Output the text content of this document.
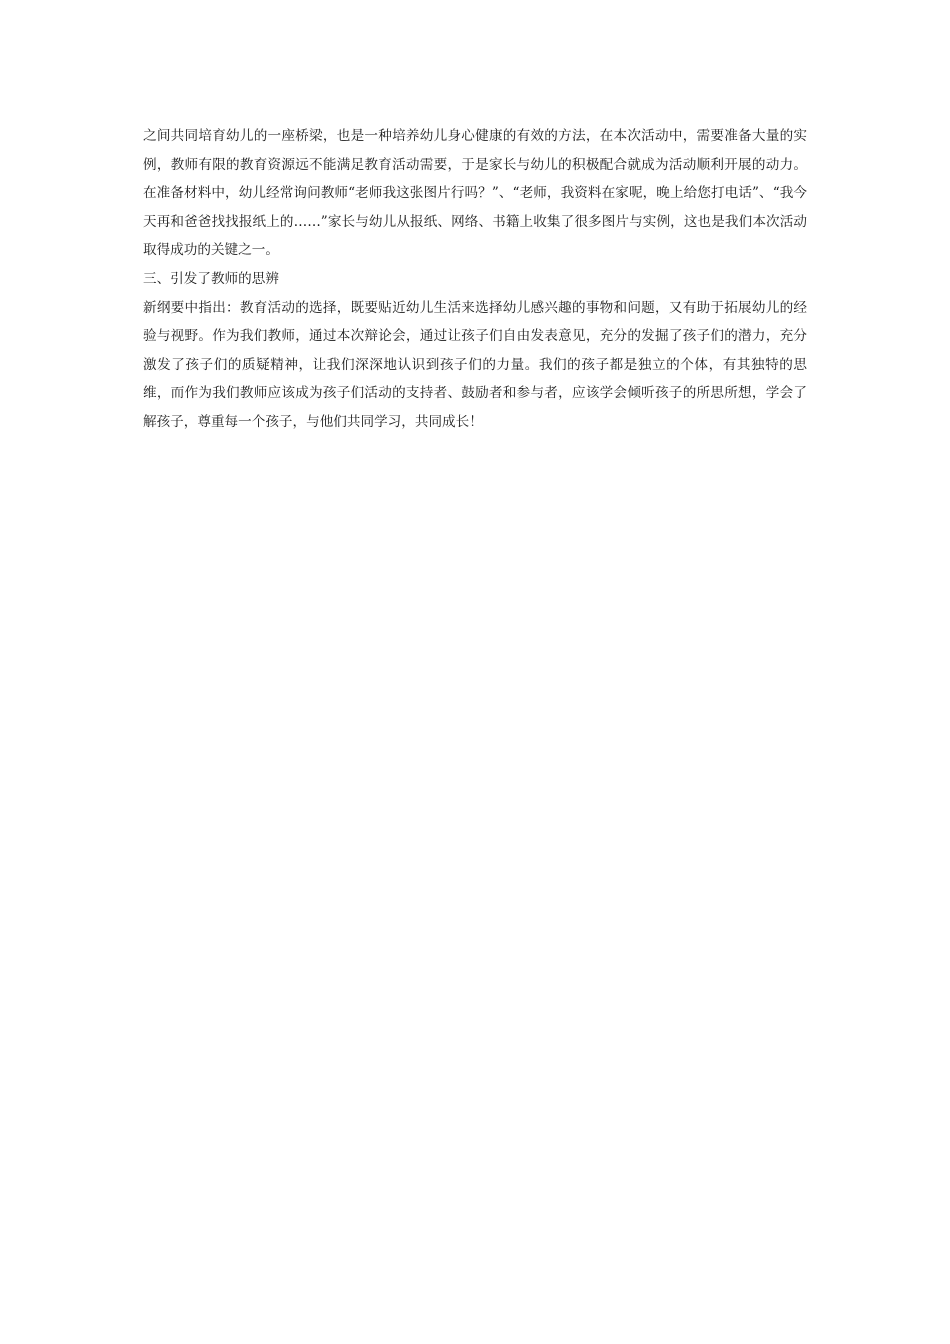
之间共同培育幼儿的一座桥梁，也是一种培养幼儿身心健康的有效的方法，在本次活动中，需要准备大量的实例，教师有限的教育资源远不能满足教育活动需要，于是家长与幼儿的积极配合就成为活动顺利开展的动力。在准备材料中，幼儿经常询问教师“老师我这张图片行吗？”、“老师，我资料在家呢，晚上给您打电话”、“我今天再和爸爸找找报纸上的……”家长与幼儿从报纸、网络、书籍上收集了很多图片与实例，这也是我们本次活动取得成功的关键之一。

三、引发了教师的思辨

新纲要中指出：教育活动的选择，既要贴近幼儿生活来选择幼儿感兴趣的事物和问题，又有助于拓展幼儿的经验与视野。作为我们教师，通过本次辩论会，通过让孩子们自由发表意见，充分的发掘了孩子们的潜力，充分激发了孩子们的质疑精神，让我们深深地认识到孩子们的力量。我们的孩子都是独立的个体，有其独特的思维，而作为我们教师应该成为孩子们活动的支持者、鼓励者和参与者，应该学会倾听孩子的所思所想，学会了解孩子，尊重每一个孩子，与他们共同学习，共同成长！
